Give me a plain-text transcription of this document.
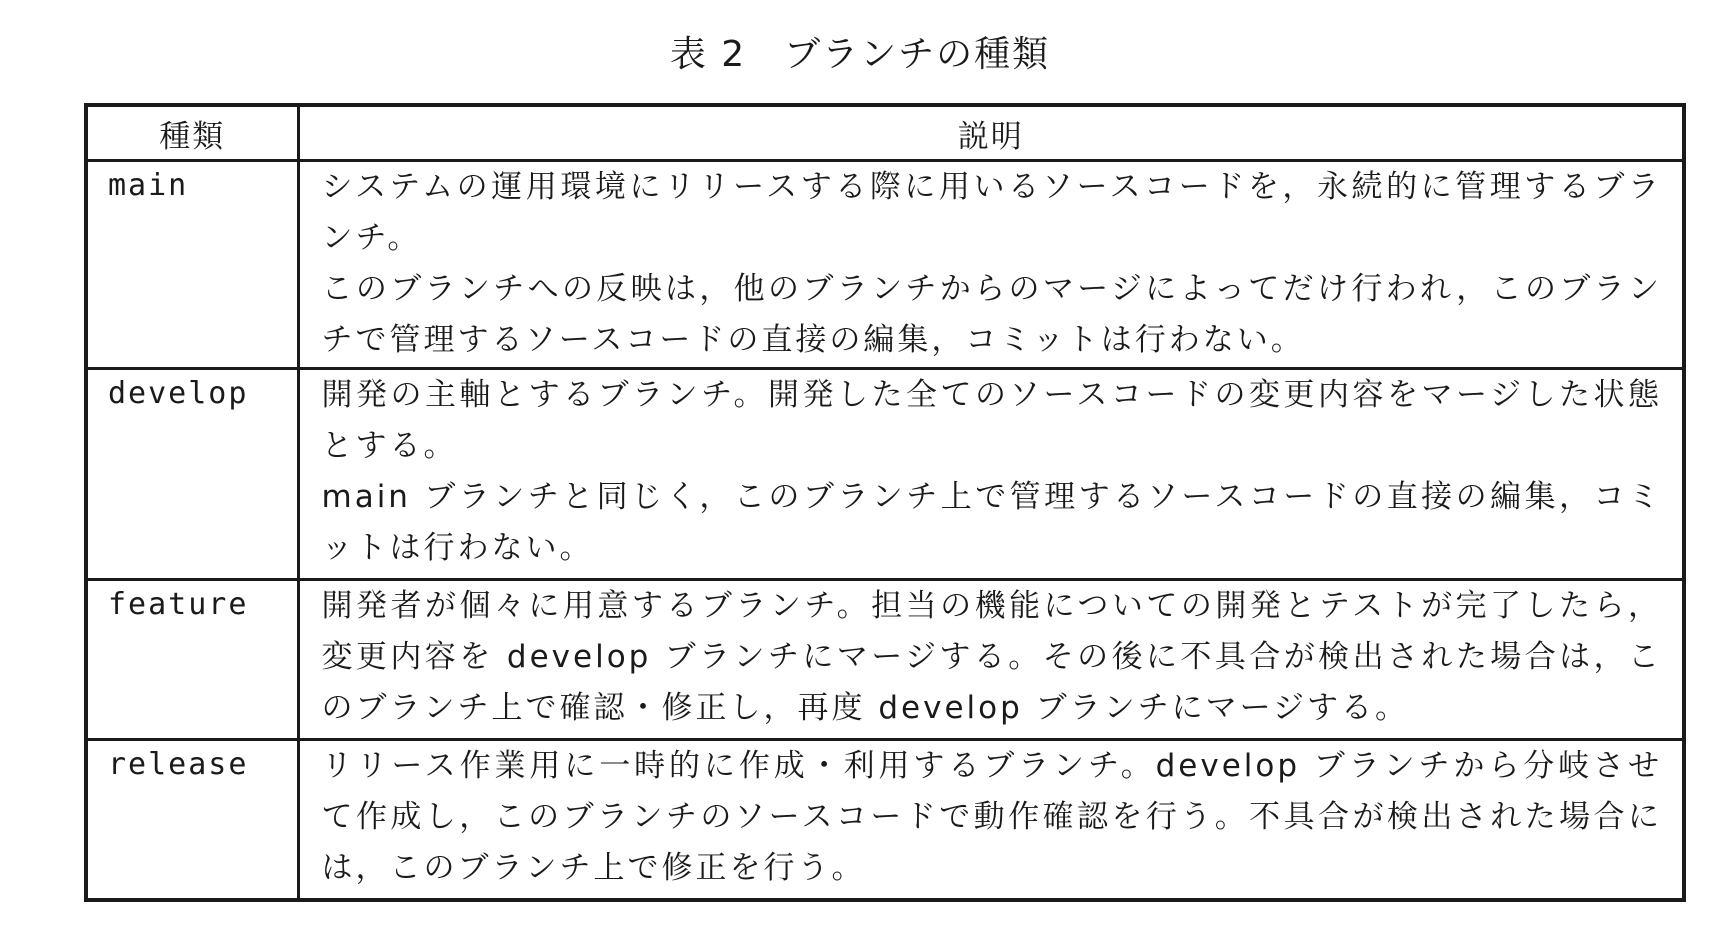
表 2 ブランチの種類
種類	説明
main	システムの運用環境にリリースする際に用いるソースコードを，永続的に管理するブランチ。
このブランチへの反映は，他のブランチからのマージによってだけ行われ，このブランチで管理するソースコードの直接の編集，コミットは行わない。

develop	開発の主軸とするブランチ。開発した全てのソースコードの変更内容をマージした状態とする。
main ブランチと同じく，このブランチ上で管理するソースコードの直接の編集，コミットは行わない。

feature	開発者が個々に用意するブランチ。担当の機能についての開発とテストが完了したら，変更内容を develop ブランチにマージする。その後に不具合が検出された場合は，このブランチ上で確認・修正し，再度 develop ブランチにマージする。

release	リリース作業用に一時的に作成・利用するブランチ。develop ブランチから分岐させて作成し，このブランチのソースコードで動作確認を行う。不具合が検出された場合には，このブランチ上で修正を行う。
